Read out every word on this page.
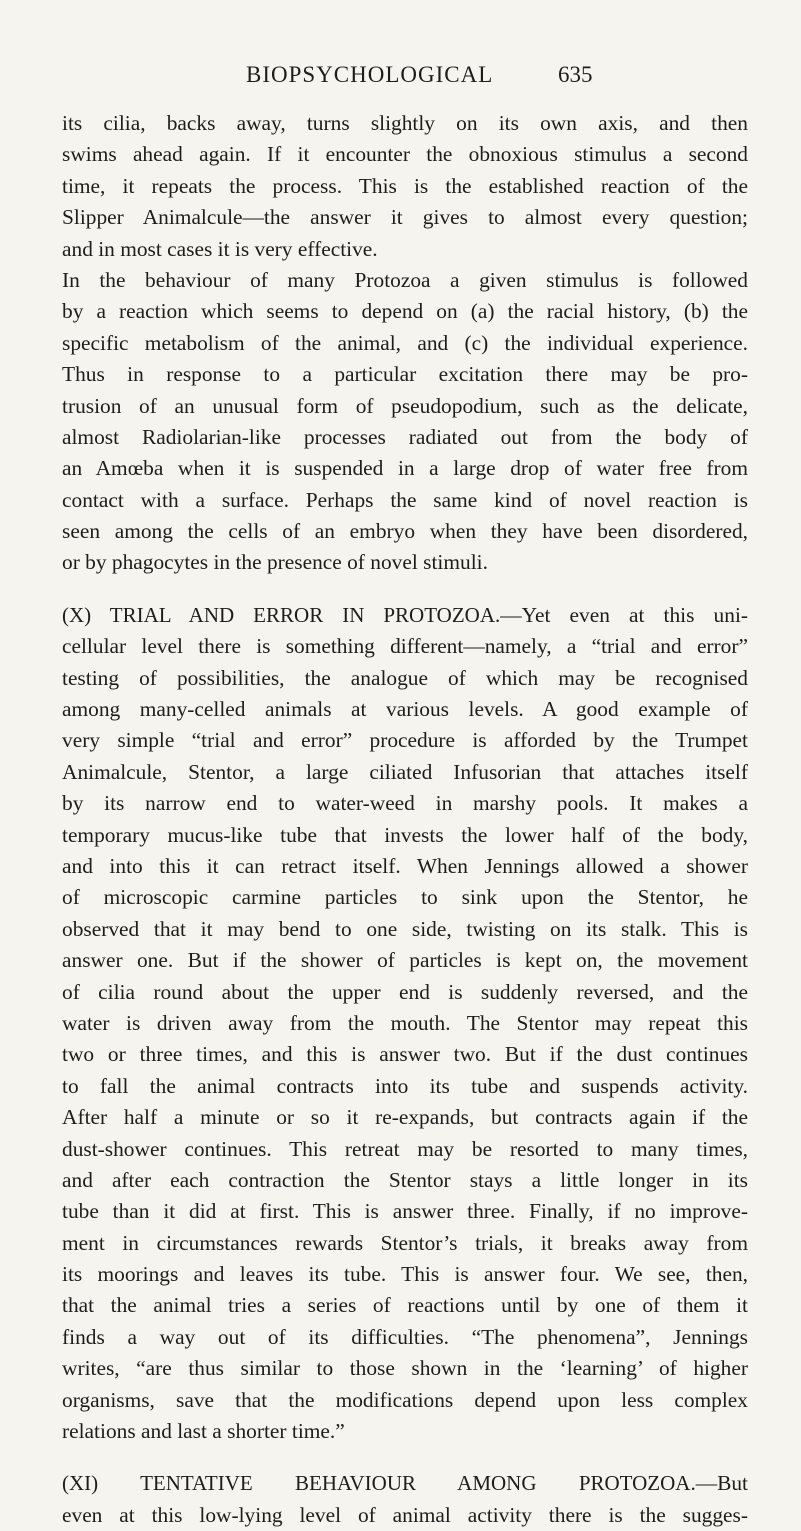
BIOPSYCHOLOGICAL	635
its cilia, backs away, turns slightly on its own axis, and then
swims ahead again. If it encounter the obnoxious stimulus a second
time, it repeats the process. This is the established reaction of the
Slipper Animalcule—the answer it gives to almost every question;
and in most cases it is very effective.
In the behaviour of many Protozoa a given stimulus is followed
by a reaction which seems to depend on (a) the racial history, (b) the
specific metabolism of the animal, and (c) the individual experience.
Thus in response to a particular excitation there may be pro-
trusion of an unusual form of pseudopodium, such as the delicate,
almost Radiolarian-like processes radiated out from the body of
an Amœba when it is suspended in a large drop of water free from
contact with a surface. Perhaps the same kind of novel reaction is
seen among the cells of an embryo when they have been disordered,
or by phagocytes in the presence of novel stimuli.
(X) TRIAL AND ERROR IN PROTOZOA.—Yet even at this uni-
cellular level there is something different—namely, a “trial and error”
testing of possibilities, the analogue of which may be recognised
among many-celled animals at various levels. A good example of
very simple “trial and error” procedure is afforded by the Trumpet
Animalcule, Stentor, a large ciliated Infusorian that attaches itself
by its narrow end to water-weed in marshy pools. It makes a
temporary mucus-like tube that invests the lower half of the body,
and into this it can retract itself. When Jennings allowed a shower
of microscopic carmine particles to sink upon the Stentor, he
observed that it may bend to one side, twisting on its stalk. This is
answer one. But if the shower of particles is kept on, the movement
of cilia round about the upper end is suddenly reversed, and the
water is driven away from the mouth. The Stentor may repeat this
two or three times, and this is answer two. But if the dust continues
to fall the animal contracts into its tube and suspends activity.
After half a minute or so it re-expands, but contracts again if the
dust-shower continues. This retreat may be resorted to many times,
and after each contraction the Stentor stays a little longer in its
tube than it did at first. This is answer three. Finally, if no improve-
ment in circumstances rewards Stentor’s trials, it breaks away from
its moorings and leaves its tube. This is answer four. We see, then,
that the animal tries a series of reactions until by one of them it
finds a way out of its difficulties. “The phenomena”, Jennings
writes, “are thus similar to those shown in the ‘learning’ of higher
organisms, save that the modifications depend upon less complex
relations and last a shorter time.”
(XI) TENTATIVE BEHAVIOUR AMONG PROTOZOA.—But
even at this low-lying level of animal activity there is the sugges-
